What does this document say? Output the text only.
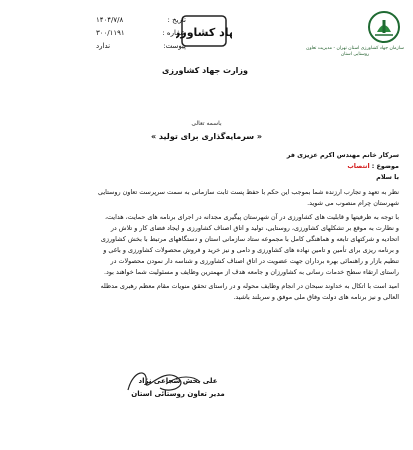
سازمان جهاد کشاورزی استان تهران - مدیریت تعاون روستایی استان
اد کشاورز
وزارت جهاد کشاورزی
تاریخ :
۱۴۰۴/۷/۸
شماره :
۳۰۰/۱۱۹۱
پیوست:
ندارد
باسمه تعالی
« سرمایه‌گذاری برای تولید »
سرکار خانم مهندس اکرم عزیزی فر
موضوع : انتصاب
با سلام
نظر به تعهد و تجارب ارزنده شما بموجب این حکم با حفظ پست ثابت سازمانی به سمت سرپرست تعاون روستایی
شهرستان چرام منصوب می شوید.
با توجه به ظرفیتها و قابلیت های کشاورزی در آن شهرستان پیگیری مجدانه در اجرای برنامه های حمایت، هدایت،
و نظارت به موقع بر تشکلهای کشاورزی، روستایی، تولید و اتاق اصناف کشاورزی و ایجاد فضای کار و تلاش در
اتحادیه و شرکتهای تابعه و هماهنگی کامل با مجموعه ستاد سازمانی استان و دستگاههای مرتبط با بخش کشاورزی
و برنامه ریزی برای تأمین و تامین نهاده های کشاورزی و دامی و نیز خرید و فروش محصولات کشاورزی و باغی و
تنظیم بازار و راهنمائی بهره برداران جهت عضویت در اتاق اصناف کشاورزی و شناسه دار نمودن محصولات در
راستای ارتقاء سطح خدمات رسانی به کشاورزان و جامعه هدف از مهمترین وظایف و مسئولیت شما خواهند بود.
امید است با اتکال به خداوند سبحان در انجام وظایف محوله و در راستای تحقق منویات مقام معظم رهبری مدظله
العالی و نیز برنامه های دولت وفاق ملی موفق و سربلند باشید.
علی بخش شجاعی نژاد
مدیر تعاون روستائی استان
